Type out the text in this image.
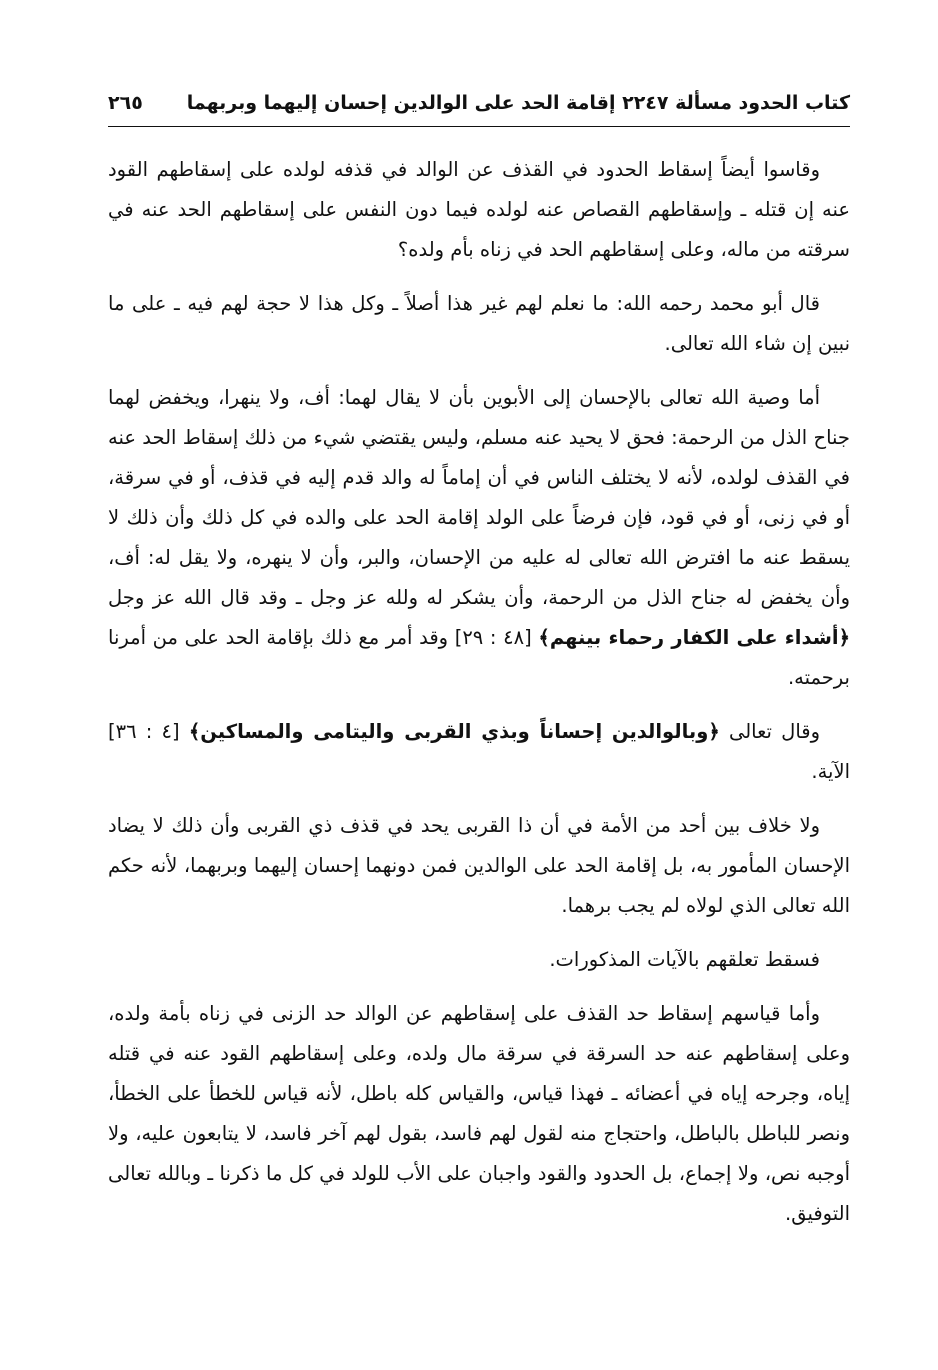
كتاب الحدود
مسألة ٢٢٤٧ إقامة الحد على الوالدين إحسان إليهما وبربهما
٢٦٥

وقاسوا أيضاً إسقاط الحدود في القذف عن الوالد في قذفه لولده على إسقاطهم القود عنه إن قتله ـ وإسقاطهم القصاص عنه لولده فيما دون النفس على إسقاطهم الحد عنه في سرقته من ماله، وعلى إسقاطهم الحد في زناه بأم ولده؟

قال أبو محمد رحمه الله: ما نعلم لهم غير هذا أصلاً ـ وكل هذا لا حجة لهم فيه ـ على ما نبين إن شاء الله تعالى.

أما وصية الله تعالى بالإحسان إلى الأبوين بأن لا يقال لهما: أف، ولا ينهرا، ويخفض لهما جناح الذل من الرحمة: فحق لا يحيد عنه مسلم، وليس يقتضي شيء من ذلك إسقاط الحد عنه في القذف لولده، لأنه لا يختلف الناس في أن إماماً له والد قدم إليه في قذف، أو في سرقة، أو في زنى، أو في قود، فإن فرضاً على الولد إقامة الحد على والده في كل ذلك وأن ذلك لا يسقط عنه ما افترض الله تعالى له عليه من الإحسان، والبر، وأن لا ينهره، ولا يقل له: أف، وأن يخفض له جناح الذل من الرحمة، وأن يشكر له ولله عز وجل ـ وقد قال الله عز وجل ﴿أشداء على الكفار رحماء بينهم﴾ [٤٨ : ٢٩] وقد أمر مع ذلك بإقامة الحد على من أمرنا برحمته.

وقال تعالى ﴿وبالوالدين إحساناً وبذي القربى واليتامى والمساكين﴾ [٤ : ٣٦] الآية.

ولا خلاف بين أحد من الأمة في أن ذا القربى يحد في قذف ذي القربى وأن ذلك لا يضاد الإحسان المأمور به، بل إقامة الحد على الوالدين فمن دونهما إحسان إليهما وبربهما، لأنه حكم الله تعالى الذي لولاه لم يجب برهما.

فسقط تعلقهم بالآيات المذكورات.

وأما قياسهم إسقاط حد القذف على إسقاطهم عن الوالد حد الزنى في زناه بأمة ولده، وعلى إسقاطهم عنه حد السرقة في سرقة مال ولده، وعلى إسقاطهم القود عنه في قتله إياه، وجرحه إياه في أعضائه ـ فهذا قياس، والقياس كله باطل، لأنه قياس للخطأ على الخطأ، ونصر للباطل بالباطل، واحتجاج منه لقول لهم فاسد، بقول لهم آخر فاسد، لا يتابعون عليه، ولا أوجبه نص، ولا إجماع، بل الحدود والقود واجبان على الأب للولد في كل ما ذكرنا ـ وبالله تعالى التوفيق.
